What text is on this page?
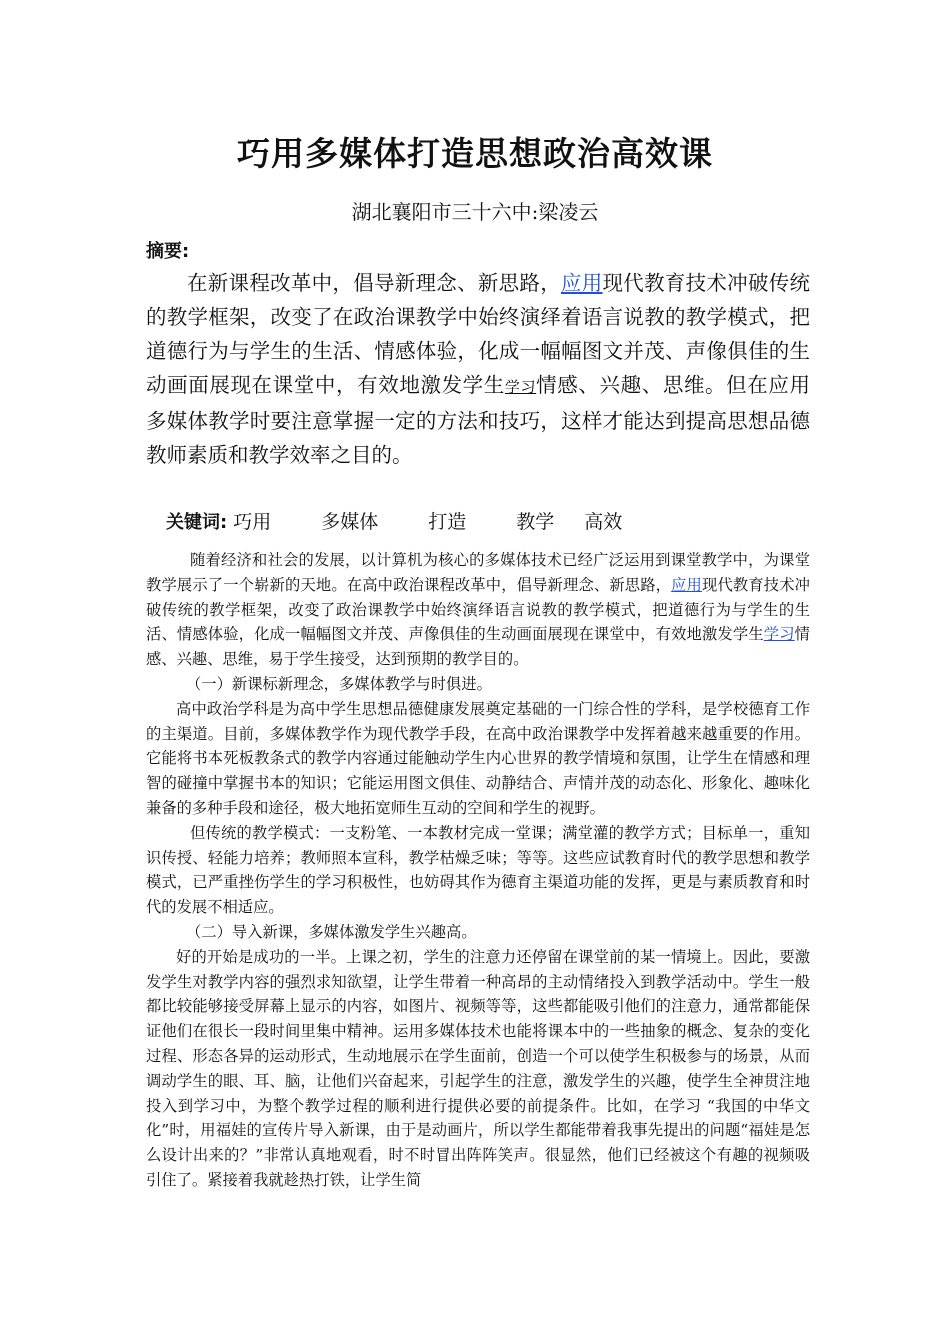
巧用多媒体打造思想政治高效课
湖北襄阳市三十六中:梁凌云
摘要:

在新课程改革中，倡导新理念、新思路，应用现代教育技术冲破传统的教学框架，改变了在政治课教学中始终演绎着语言说教的教学模式，把道德行为与学生的生活、情感体验，化成一幅幅图文并茂、声像俱佳的生动画面展现在课堂中，有效地激发学生学习情感、兴趣、思维。但在应用多媒体教学时要注意掌握一定的方法和技巧，这样才能达到提高思想品德教师素质和教学效率之目的。

关键词: 巧用	多媒体	打造	教学 高效

随着经济和社会的发展，以计算机为核心的多媒体技术已经广泛运用到课堂教学中，为课堂教学展示了一个崭新的天地。在高中政治课程改革中，倡导新理念、新思路，应用现代教育技术冲破传统的教学框架，改变了政治课教学中始终演绎语言说教的教学模式，把道德行为与学生的生活、情感体验，化成一幅幅图文并茂、声像俱佳的生动画面展现在课堂中，有效地激发学生学习情感、兴趣、思维，易于学生接受，达到预期的教学目的。

（一）新课标新理念，多媒体教学与时俱进。

高中政治学科是为高中学生思想品德健康发展奠定基础的一门综合性的学科，是学校德育工作的主渠道。目前，多媒体教学作为现代教学手段，在高中政治课教学中发挥着越来越重要的作用。它能将书本死板教条式的教学内容通过能触动学生内心世界的教学情境和氛围，让学生在情感和理智的碰撞中掌握书本的知识；它能运用图文俱佳、动静结合、声情并茂的动态化、形象化、趣味化兼备的多种手段和途径，极大地拓宽师生互动的空间和学生的视野。

但传统的教学模式：一支粉笔、一本教材完成一堂课；满堂灌的教学方式；目标单一，重知识传授、轻能力培养；教师照本宣科，教学枯燥乏味；等等。这些应试教育时代的教学思想和教学模式，已严重挫伤学生的学习积极性，也妨碍其作为德育主渠道功能的发挥，更是与素质教育和时代的发展不相适应。

（二）导入新课，多媒体激发学生兴趣高。

好的开始是成功的一半。上课之初，学生的注意力还停留在课堂前的某一情境上。因此，要激发学生对教学内容的强烈求知欲望，让学生带着一种高昂的主动情绪投入到教学活动中。学生一般都比较能够接受屏幕上显示的内容，如图片、视频等等，这些都能吸引他们的注意力，通常都能保证他们在很长一段时间里集中精神。运用多媒体技术也能将课本中的一些抽象的概念、复杂的变化过程、形态各异的运动形式，生动地展示在学生面前，创造一个可以使学生积极参与的场景，从而调动学生的眼、耳、脑，让他们兴奋起来，引起学生的注意，激发学生的兴趣，使学生全神贯注地投入到学习中，为整个教学过程的顺利进行提供必要的前提条件。比如，在学习 “我国的中华文化”时，用福娃的宣传片导入新课，由于是动画片，所以学生都能带着我事先提出的问题“福娃是怎么设计出来的？”非常认真地观看，时不时冒出阵阵笑声。很显然，他们已经被这个有趣的视频吸引住了。紧接着我就趁热打铁，让学生简
